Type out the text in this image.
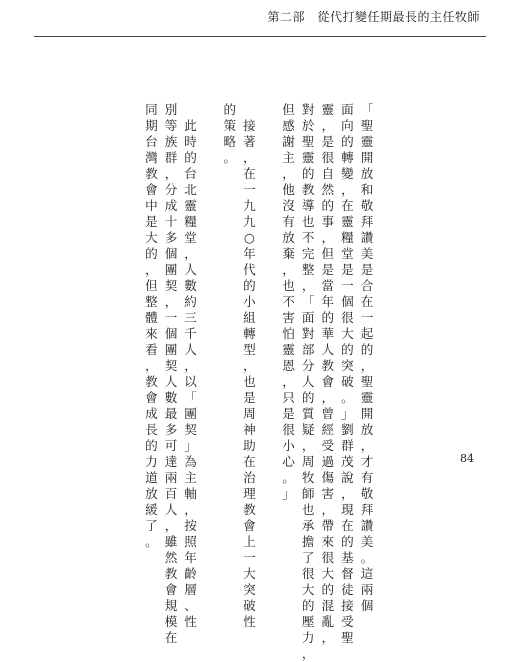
第二部　從代打變任期最長的主任牧師
「
聖
靈
開
放
和
敬
拜
讚
美
是
合
在
一
起
的
，
聖
靈
開
放
，
才
有
敬
拜
讚
美
。
這
兩
個
面
向
的
轉
變
，
在
靈
糧
堂
是
一
個
很
大
的
突
破
。
」
劉
群
茂
說
，
現
在
的
基
督
徒
接
受
聖
靈
，
是
很
自
然
的
事
，
但
是
當
年
的
華
人
教
會
，
曾
經
受
過
傷
害
，
帶
來
很
大
的
混
亂
，
對
於
聖
靈
的
教
導
也
不
完
整
，
「
面
對
部
分
人
的
質
疑
，
周
牧
師
也
承
擔
了
很
大
的
壓
力
，
但
感
謝
主
，
他
沒
有
放
棄
，
也
不
害
怕
靈
恩
，
只
是
很
小
心
。
」

接
著
，
在
一
九
九
○
年
代
的
小
組
轉
型
，
也
是
周
神
助
在
治
理
教
會
上
一
大
突
破
性
的
策
略
。

此
時
的
台
北
靈
糧
堂
，
人
數
約
三
千
人
，
以
「
團
契
」
為
主
軸
，
按
照
年
齡
層
、
性
別
等
族
群
，
分
成
十
多
個
團
契
，
一
個
團
契
人
數
最
多
可
達
兩
百
人
，
雖
然
教
會
規
模
在
同
期
台
灣
教
會
中
是
大
的
，
但
整
體
來
看
，
教
會
成
長
的
力
道
放
緩
了
。
84
